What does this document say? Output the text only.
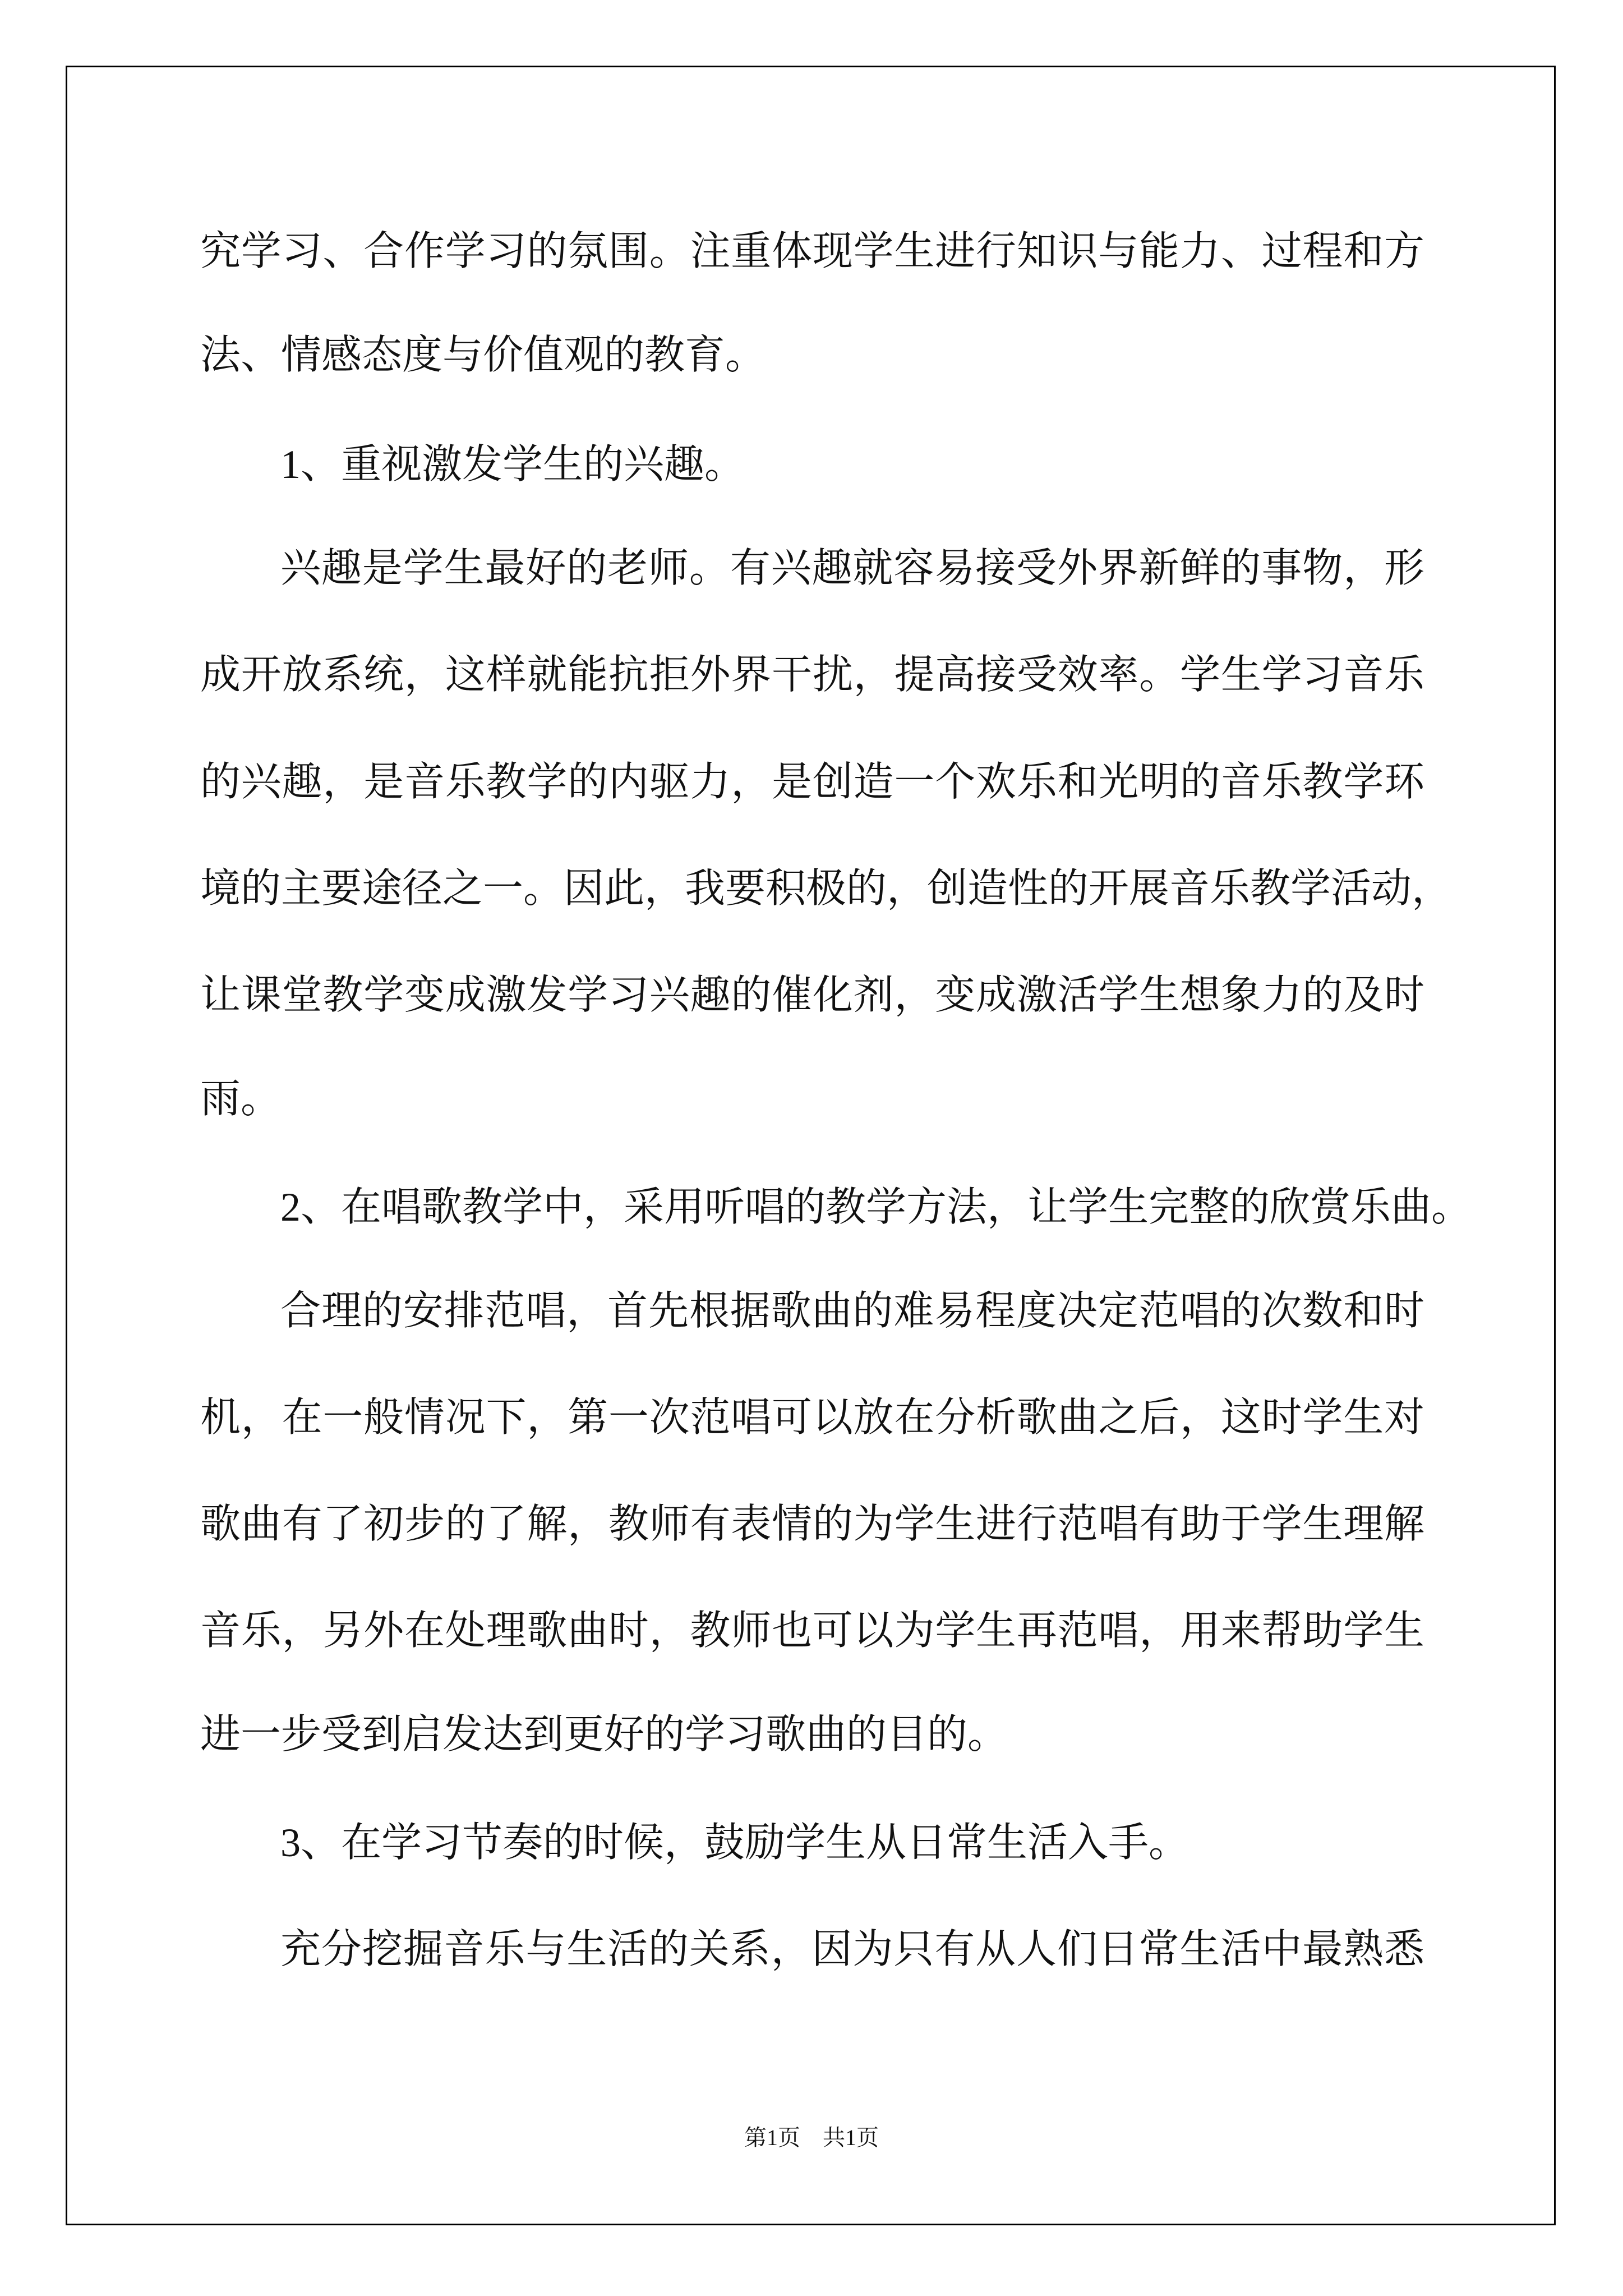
究学习、合作学习的氛围。注重体现学生进行知识与能力、过程和方
法、情感态度与价值观的教育。
1、重视激发学生的兴趣。
兴趣是学生最好的老师。有兴趣就容易接受外界新鲜的事物，形
成开放系统，这样就能抗拒外界干扰，提高接受效率。学生学习音乐
的兴趣，是音乐教学的内驱力，是创造一个欢乐和光明的音乐教学环
境的主要途径之一。因此，我要积极的，创造性的开展音乐教学活动，
让课堂教学变成激发学习兴趣的催化剂，变成激活学生想象力的及时
雨。
2、在唱歌教学中，采用听唱的教学方法，让学生完整的欣赏乐曲。
合理的安排范唱，首先根据歌曲的难易程度决定范唱的次数和时
机，在一般情况下，第一次范唱可以放在分析歌曲之后，这时学生对
歌曲有了初步的了解，教师有表情的为学生进行范唱有助于学生理解
音乐，另外在处理歌曲时，教师也可以为学生再范唱，用来帮助学生
进一步受到启发达到更好的学习歌曲的目的。
3、在学习节奏的时候，鼓励学生从日常生活入手。
充分挖掘音乐与生活的关系，因为只有从人们日常生活中最熟悉
第1页 共1页
